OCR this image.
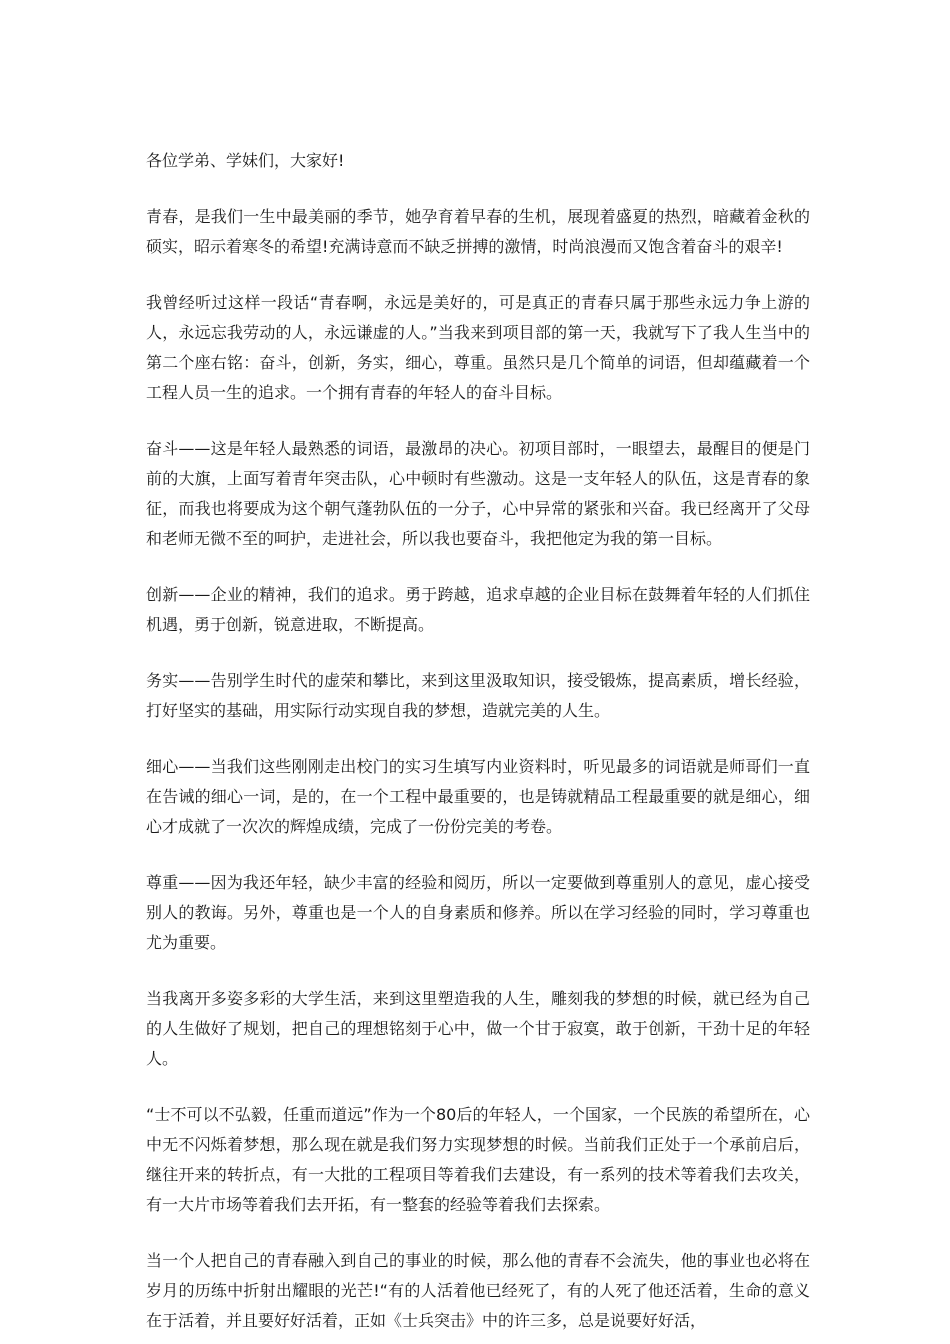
各位学弟、学妹们，大家好!

青春，是我们一生中最美丽的季节，她孕育着早春的生机，展现着盛夏的热烈，暗藏着金秋的硕实，昭示着寒冬的希望!充满诗意而不缺乏拼搏的激情，时尚浪漫而又饱含着奋斗的艰辛!

我曾经听过这样一段话“青春啊，永远是美好的，可是真正的青春只属于那些永远力争上游的人，永远忘我劳动的人，永远谦虚的人。”当我来到项目部的第一天，我就写下了我人生当中的第二个座右铭：奋斗，创新，务实，细心，尊重。虽然只是几个简单的词语，但却蕴藏着一个工程人员一生的追求。一个拥有青春的年轻人的奋斗目标。

奋斗——这是年轻人最熟悉的词语，最激昂的决心。初项目部时，一眼望去，最醒目的便是门前的大旗，上面写着青年突击队，心中顿时有些激动。这是一支年轻人的队伍，这是青春的象征，而我也将要成为这个朝气蓬勃队伍的一分子，心中异常的紧张和兴奋。我已经离开了父母和老师无微不至的呵护，走进社会，所以我也要奋斗，我把他定为我的第一目标。

创新——企业的精神，我们的追求。勇于跨越，追求卓越的企业目标在鼓舞着年轻的人们抓住机遇，勇于创新，锐意进取，不断提高。

务实——告别学生时代的虚荣和攀比，来到这里汲取知识，接受锻炼，提高素质，增长经验，打好坚实的基础，用实际行动实现自我的梦想，造就完美的人生。

细心——当我们这些刚刚走出校门的实习生填写内业资料时，听见最多的词语就是师哥们一直在告诫的细心一词，是的，在一个工程中最重要的，也是铸就精品工程最重要的就是细心，细心才成就了一次次的辉煌成绩，完成了一份份完美的考卷。

尊重——因为我还年轻，缺少丰富的经验和阅历，所以一定要做到尊重别人的意见，虚心接受别人的教诲。另外，尊重也是一个人的自身素质和修养。所以在学习经验的同时，学习尊重也尤为重要。

当我离开多姿多彩的大学生活，来到这里塑造我的人生，雕刻我的梦想的时候，就已经为自己的人生做好了规划，把自己的理想铭刻于心中，做一个甘于寂寞，敢于创新，干劲十足的年轻人。

“士不可以不弘毅，任重而道远”作为一个80后的年轻人，一个国家，一个民族的希望所在，心中无不闪烁着梦想，那么现在就是我们努力实现梦想的时候。当前我们正处于一个承前启后，继往开来的转折点，有一大批的工程项目等着我们去建设，有一系列的技术等着我们去攻关，有一大片市场等着我们去开拓，有一整套的经验等着我们去探索。

当一个人把自己的青春融入到自己的事业的时候，那么他的青春不会流失，他的事业也必将在岁月的历练中折射出耀眼的光芒!“有的人活着他已经死了，有的人死了他还活着，生命的意义在于活着，并且要好好活着，正如《士兵突击》中的许三多，总是说要好好活，
